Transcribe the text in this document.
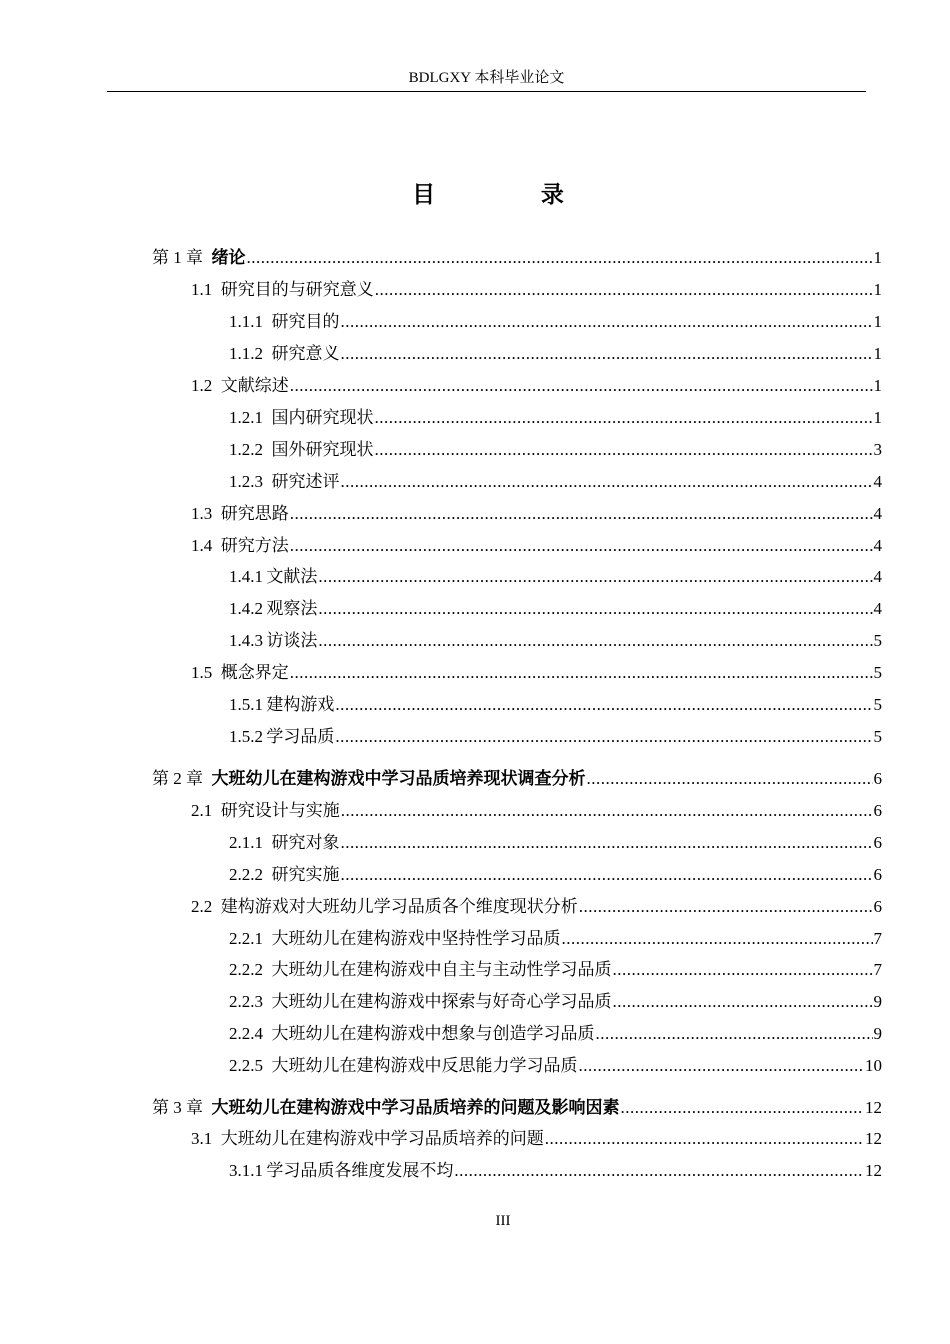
BDLGXY 本科毕业论文
目 录
第 1 章 绪论 .....	1
1.1 研究目的与研究意义 .....	1
1.1.1 研究目的 .....	1
1.1.2 研究意义 .....	1
1.2 文献综述 .....	1
1.2.1 国内研究现状 .....	1
1.2.2 国外研究现状 .....	3
1.2.3 研究述评 .....	4
1.3 研究思路 .....	4
1.4 研究方法 .....	4
1.4.1  文献法 .....	4
1.4.2  观察法 .....	4
1.4.3  访谈法 .....	5
1.5 概念界定 .....	5
1.5.1  建构游戏 .....	5
1.5.2  学习品质 .....	5
第 2 章 大班幼儿在建构游戏中学习品质培养现状调查分析 .....	6
2.1 研究设计与实施 .....	6
2.1.1 研究对象 .....	6
2.2.2 研究实施 .....	6
2.2 建构游戏对大班幼儿学习品质各个维度现状分析 .....	6
2.2.1 大班幼儿在建构游戏中坚持性学习品质 .....	7
2.2.2 大班幼儿在建构游戏中自主与主动性学习品质 .....	7
2.2.3 大班幼儿在建构游戏中探索与好奇心学习品质 .....	9
2.2.4 大班幼儿在建构游戏中想象与创造学习品质 .....	9
2.2.5 大班幼儿在建构游戏中反思能力学习品质 .....	10
第 3 章 大班幼儿在建构游戏中学习品质培养的问题及影响因素 .....	12
3.1 大班幼儿在建构游戏中学习品质培养的问题 .....	12
3.1.1  学习品质各维度发展不均 .....	12
III
